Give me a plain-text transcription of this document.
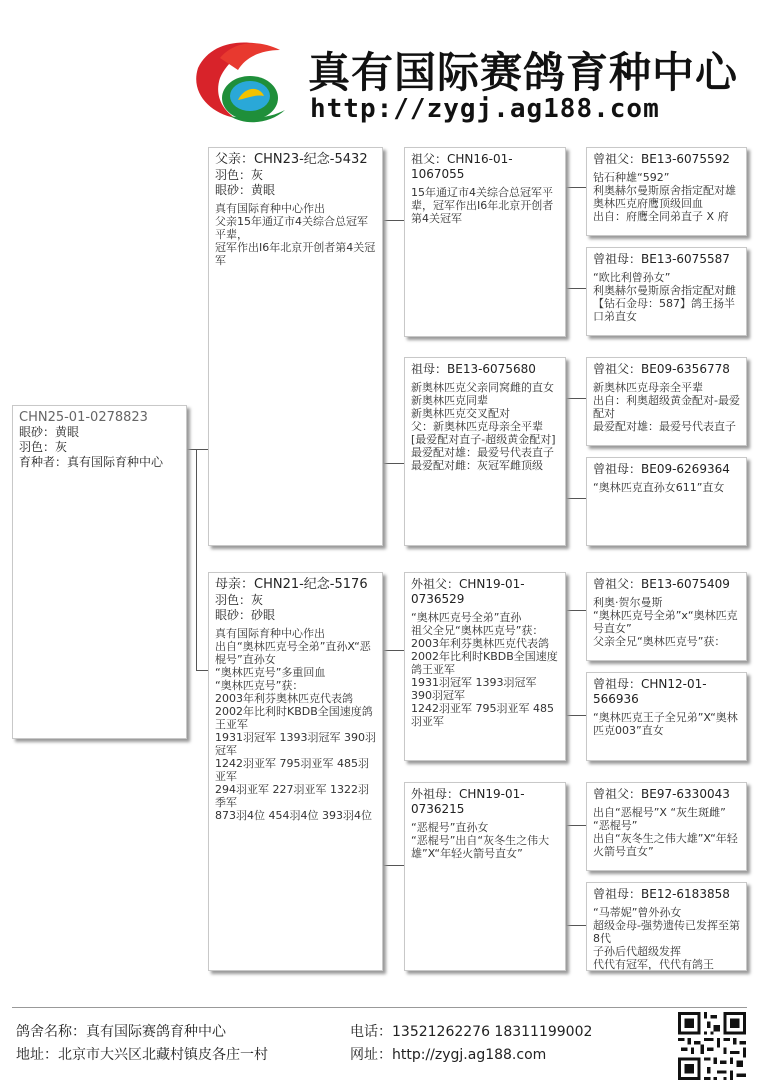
真有国际赛鸽育种中心
http://zygj.ag188.com
CHN25-01-0278823
眼砂：黄眼
羽色：灰
育种者：真有国际育种中心
父亲：CHN23-纪念-5432
羽色：灰
眼砂：黄眼
真有国际育种中心作出
父亲15年通辽市4关综合总冠军平辈，
冠军作出I6年北京开创者第4关冠军
母亲：CHN21-纪念-5176
羽色：灰
眼砂：砂眼
真有国际育种中心作出
出自“奥林匹克号全弟”直孙X“恶棍号”直孙女
“奥林匹克号”多重回血
“奥林匹克号”获：
2003年利芬奥林匹克代表鸽
2002年比利时KBDB全国速度鸽王亚军
1931羽冠军 1393羽冠军 390羽冠军
1242羽亚军 795羽亚军 485羽亚军
294羽亚军 227羽亚军 1322羽季军
873羽4位 454羽4位 393羽4位
祖父：CHN16-01-1067055
15年通辽市4关综合总冠军平辈，冠军作出I6年北京开创者第4关冠军
祖母：BE13-6075680
新奥林匹克父亲同窝雌的直女
新奥林匹克同辈
新奥林匹克交叉配对
父：新奥林匹克母亲全平辈
[最爱配对直子-超级黄金配对]
最爱配对雄：最爱号代表直子
最爱配对雌：灰冠军雌顶级
外祖父：CHN19-01-0736529
“奥林匹克号全弟”直孙
祖父全兄“奥林匹克号”获：
2003年利芬奥林匹克代表鸽
2002年比利时KBDB全国速度鸽王亚军
1931羽冠军 1393羽冠军 390羽冠军
1242羽亚军 795羽亚军 485羽亚军
外祖母：CHN19-01-0736215
“恶棍号”直孙女
“恶棍号”出自“灰冬生之伟大雄”X“年轻火箭号直女”
曾祖父：BE13-6075592
钻石种雄“592”
利奥赫尔曼斯原舍指定配对雄
奥林匹克府鹰顶级回血
出自：府鹰全同弟直子 X 府
曾祖母：BE13-6075587
“欧比利曾孙女”
利奥赫尔曼斯原舍指定配对雌
【钻石金母：587】鸽王扬半口弟直女
曾祖父：BE09-6356778
新奥林匹克母亲全平辈
出自：利奥超级黄金配对-最爱配对
最爱配对雄：最爱号代表直子
曾祖母：BE09-6269364
“奥林匹克直孙女611”直女
曾祖父：BE13-6075409
利奥·贺尔曼斯
“奥林匹克号全弟”x“奥林匹克号直女”
父亲全兄“奥林匹克号”获：
曾祖母：CHN12-01-566936
“奥林匹克王子全兄弟”X“奥林匹克003”直女
曾祖父：BE97-6330043
出自“恶棍号”X “灰生斑雌”
“恶棍号”
出自“灰冬生之伟大雄”X“年轻火箭号直女”
曾祖母：BE12-6183858
“马蒂妮”曾外孙女
超级金母-强势遗传已发挥至第8代
子孙后代超级发挥
代代有冠军，代代有鸽王
鸽舍名称：真有国际赛鸽育种中心
地址：北京市大兴区北藏村镇皮各庄一村
电话：13521262276 18311199002
网址：http://zygj.ag188.com
